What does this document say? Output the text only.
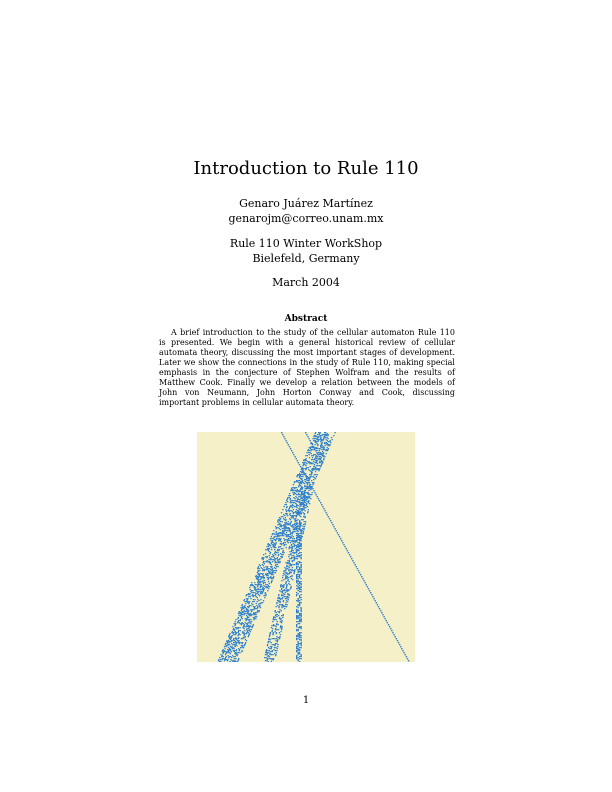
Introduction to Rule 110
Genaro Juárez Martínez
genarojm@correo.unam.mx
Rule 110 Winter WorkShop
Bielefeld, Germany
March 2004
Abstract
A brief introduction to the study of the cellular automaton Rule 110 is presented. We begin with a general historical review of cellular automata theory, discussing the most important stages of development. Later we show the connections in the study of Rule 110, making special emphasis in the conjecture of Stephen Wolfram and the results of Matthew Cook. Finally we develop a relation between the models of John von Neumann, John Horton Conway and Cook, discussing important problems in cellular automata theory.
1
